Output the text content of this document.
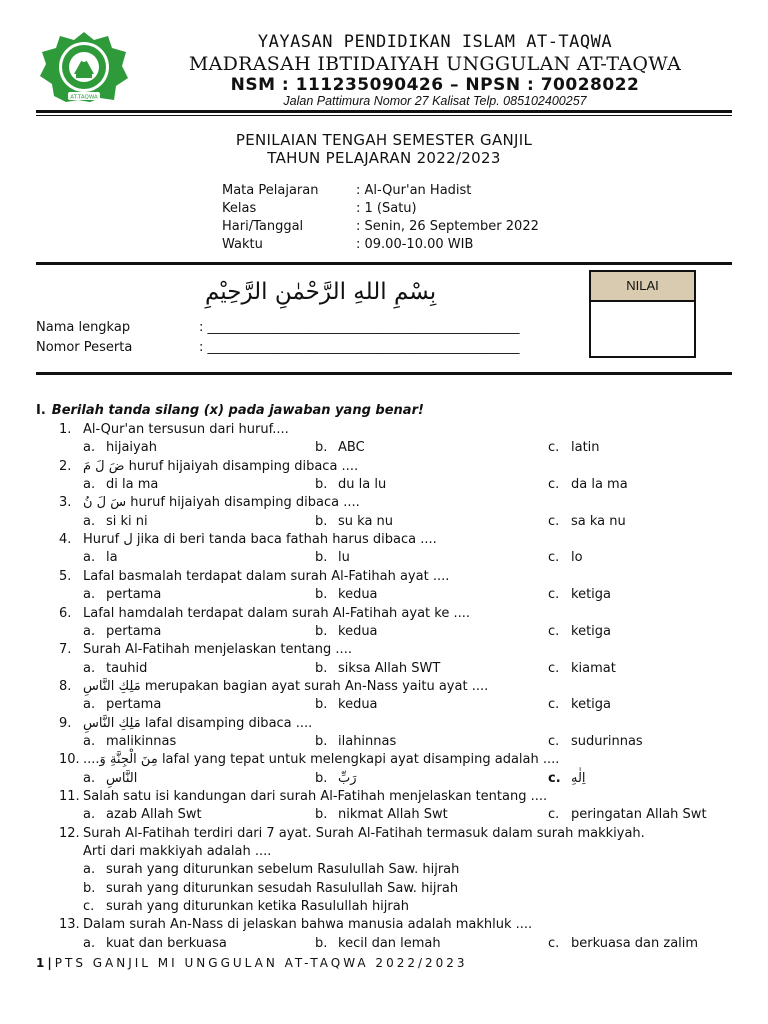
AT-TAQWA
YAYASAN PENDIDIKAN ISLAM AT-TAQWA
MADRASAH IBTIDAIYAH UNGGULAN AT-TAQWA
NSM : 111235090426 – NPSN : 70028022
Jalan Pattimura Nomor 27 Kalisat Telp. 085102400257
PENILAIAN TENGAH SEMESTER GANJIL
TAHUN PELAJARAN 2022/2023
Mata Pelajaran	: Al-Qur'an Hadist
Kelas	: 1 (Satu)
Hari/Tanggal	: Senin, 26 September 2022
Waktu	: 09.00-10.00 WIB
بِسْمِ اللهِ الرَّحْمٰنِ الرَّحِيْمِ	NILAI
Nama lengkap	: ________________________________________________
Nomor Peserta	: ________________________________________________
I. Berilah tanda silang (x) pada jawaban yang benar!
1. Al-Qur'an tersusun dari huruf....
a. hijaiyah	b. ABC	c. latin
2. ضَ لَ مَ huruf hijaiyah disamping dibaca ....
a. di la ma	b. du la lu	c. da la ma
3. سَ لَ نُ huruf hijaiyah disamping dibaca ....
a. si ki ni	b. su ka nu	c. sa ka nu
4. Huruf ل jika di beri tanda baca fathah harus dibaca ....
a. la	b. lu	c. lo
5. Lafal basmalah terdapat dalam surah Al-Fatihah ayat ....
a. pertama	b. kedua	c. ketiga
6. Lafal hamdalah terdapat dalam surah Al-Fatihah ayat ke ....
a. pertama	b. kedua	c. ketiga
7. Surah Al-Fatihah menjelaskan tentang ....
a. tauhid	b. siksa Allah SWT	c. kiamat
8. مَلِكِ النَّاسِ merupakan bagian ayat surah An-Nass yaitu ayat ....
a. pertama	b. kedua	c. ketiga
9. مَلِكِ النَّاسِ lafal disamping dibaca ....
a. malikinnas	b. ilahinnas	c. sudurinnas
10. مِنَ الْجِنَّةِ وَ.... lafal yang tepat untuk melengkapi ayat disamping adalah ....
a. النَّاسِ	b. رَبِّ	c. اِلٰهِ
11. Salah satu isi kandungan dari surah Al-Fatihah menjelaskan tentang ....
a. azab Allah Swt	b. nikmat Allah Swt	c. peringatan Allah Swt
12. Surah Al-Fatihah terdiri dari 7 ayat. Surah Al-Fatihah termasuk dalam surah makkiyah.
Arti dari makkiyah adalah ....
a. surah yang diturunkan sebelum Rasulullah Saw. hijrah
b. surah yang diturunkan sesudah Rasulullah Saw. hijrah
c. surah yang diturunkan ketika Rasulullah hijrah
13. Dalam surah An-Nass di jelaskan bahwa manusia adalah makhluk ....
a. kuat dan berkuasa	b. kecil dan lemah	c. berkuasa dan zalim
1|PTS GANJIL MI UNGGULAN AT-TAQWA 2022/2023
